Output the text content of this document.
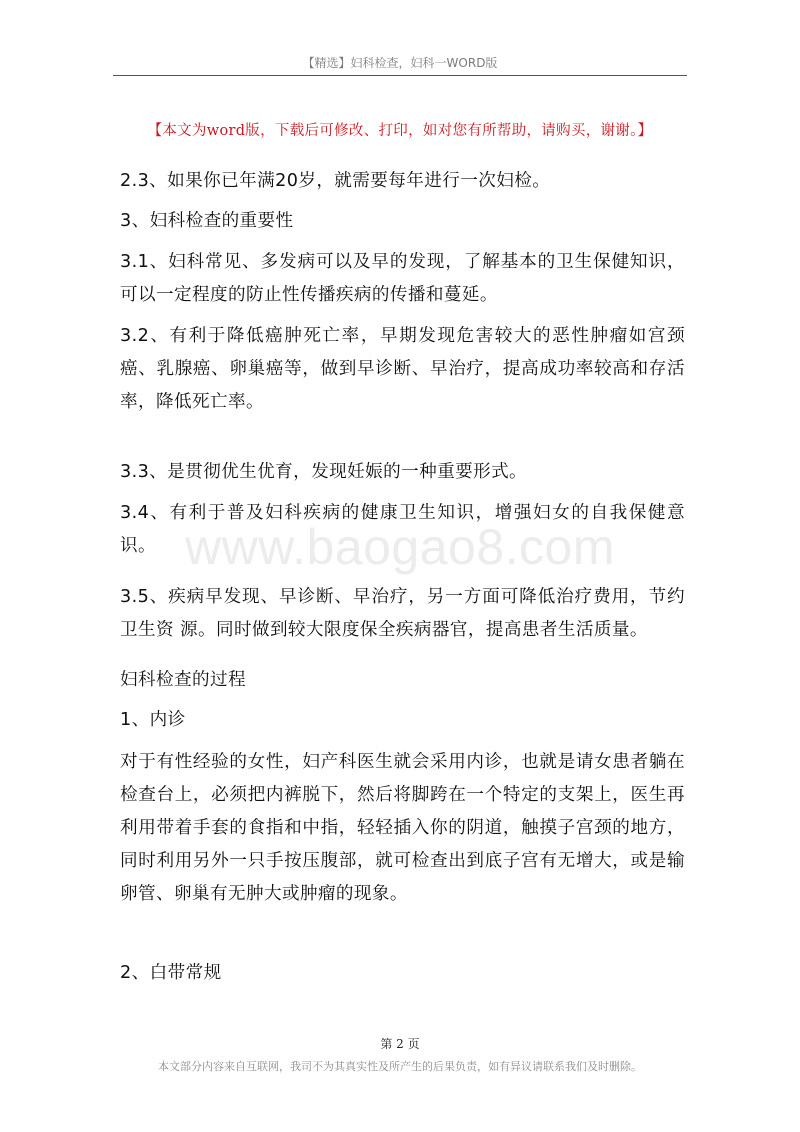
【精选】妇科检查，妇科一WORD版
【本文为word版，下载后可修改、打印，如对您有所帮助，请购买，谢谢。】
www.baogao8.com

2.3、如果你已年满20岁，就需要每年进行一次妇检。

3、妇科检查的重要性

3.1、妇科常见、多发病可以及早的发现，了解基本的卫生保健知识，可以一定程度的防止性传播疾病的传播和蔓延。

3.2、有利于降低癌肿死亡率，早期发现危害较大的恶性肿瘤如宫颈癌、乳腺癌、卵巢癌等，做到早诊断、早治疗，提高成功率较高和存活率，降低死亡率。

3.3、是贯彻优生优育，发现妊娠的一种重要形式。

3.4、有利于普及妇科疾病的健康卫生知识，增强妇女的自我保健意识。

3.5、疾病早发现、早诊断、早治疗，另一方面可降低治疗费用，节约卫生资 源。同时做到较大限度保全疾病器官，提高患者生活质量。

妇科检查的过程

1、内诊

对于有性经验的女性，妇产科医生就会采用内诊，也就是请女患者躺在检查台上，必须把内裤脱下，然后将脚跨在一个特定的支架上，医生再利用带着手套的食指和中指，轻轻插入你的阴道，触摸子宫颈的地方，同时利用另外一只手按压腹部，就可检查出到底子宫有无增大，或是输卵管、卵巢有无肿大或肿瘤的现象。

2、白带常规

第 2 页
本文部分内容来自互联网，我司不为其真实性及所产生的后果负责，如有异议请联系我们及时删除。
